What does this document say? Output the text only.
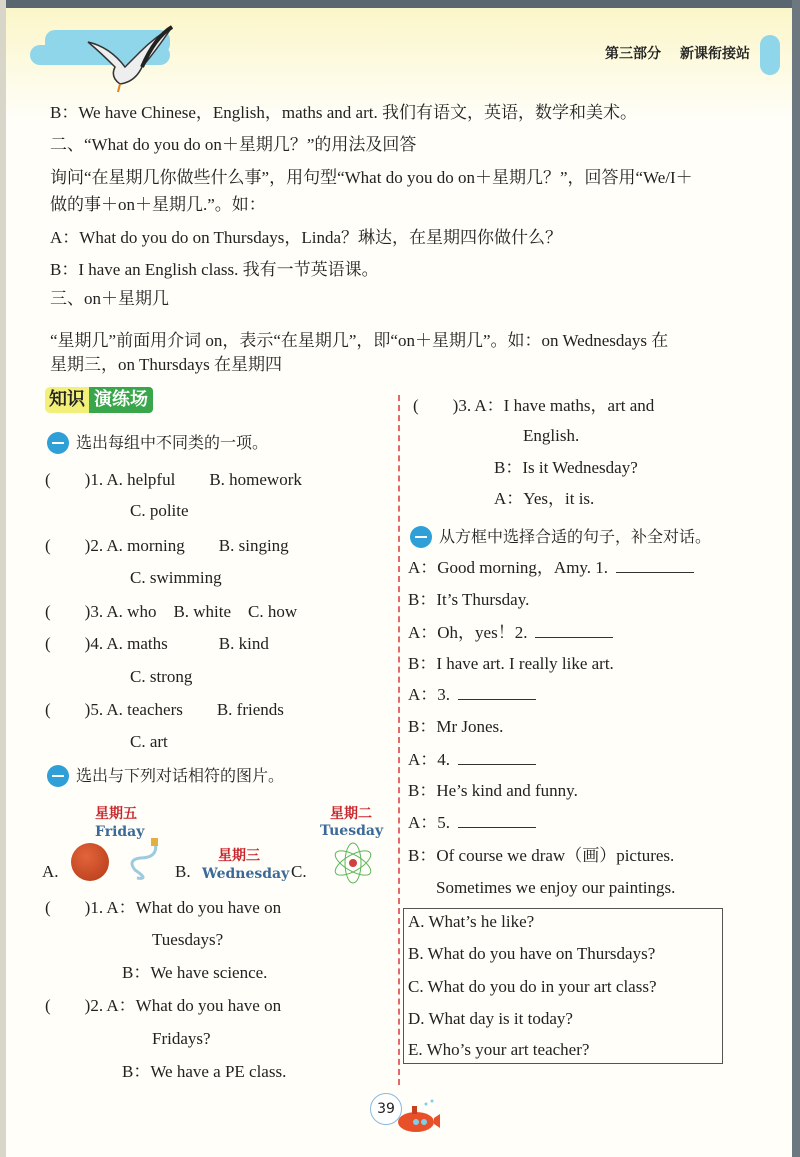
第三部分 新课衔接站
B：We have Chinese，English，maths and art. 我们有语文，英语，数学和美术。
二、“What do you do on＋星期几？”的用法及回答
询问“在星期几你做些什么事”，用句型“What do you do on＋星期几？”，回答用“We/I＋
做的事＋on＋星期几.”。如：
A：What do you do on Thursdays，Linda？琳达，在星期四你做什么？
B：I have an English class. 我有一节英语课。
三、on＋星期几
“星期几”前面用介词 on，表示“在星期几”，即“on＋星期几”。如：on Wednesdays 在
星期三，on Thursdays 在星期四
知识 演练场
选出每组中不同类的一项。
(　　)1. A. helpful　　B. homework
C. polite
(　　)2. A. morning　　B. singing
C. swimming
(　　)3. A. who　B. white　C. how
(　　)4. A. maths　　　B. kind
C. strong
(　　)5. A. teachers　　B. friends
C. art
选出与下列对话相符的图片。
星期五
Friday
A.	B.
星期三
Wednesday C.
星期二
Tuesday
(　　)1. A：What do you have on
Tuesdays?
B：We have science.
(　　)2. A：What do you have on
Fridays?
B：We have a PE class.
(　　)3. A：I have maths，art and
English.
B：Is it Wednesday?
A：Yes，it is.
从方框中选择合适的句子，补全对话。
A：Good morning，Amy. 1.
B：It’s Thursday.
A：Oh，yes！2.
B：I have art. I really like art.
A：3.
B：Mr Jones.
A：4.
B：He’s kind and funny.
A：5.
B：Of course we draw（画）pictures.
Sometimes we enjoy our paintings.
A. What’s he like?
B. What do you have on Thursdays?
C. What do you do in your art class?
D. What day is it today?
E. Who’s your art teacher?
39
